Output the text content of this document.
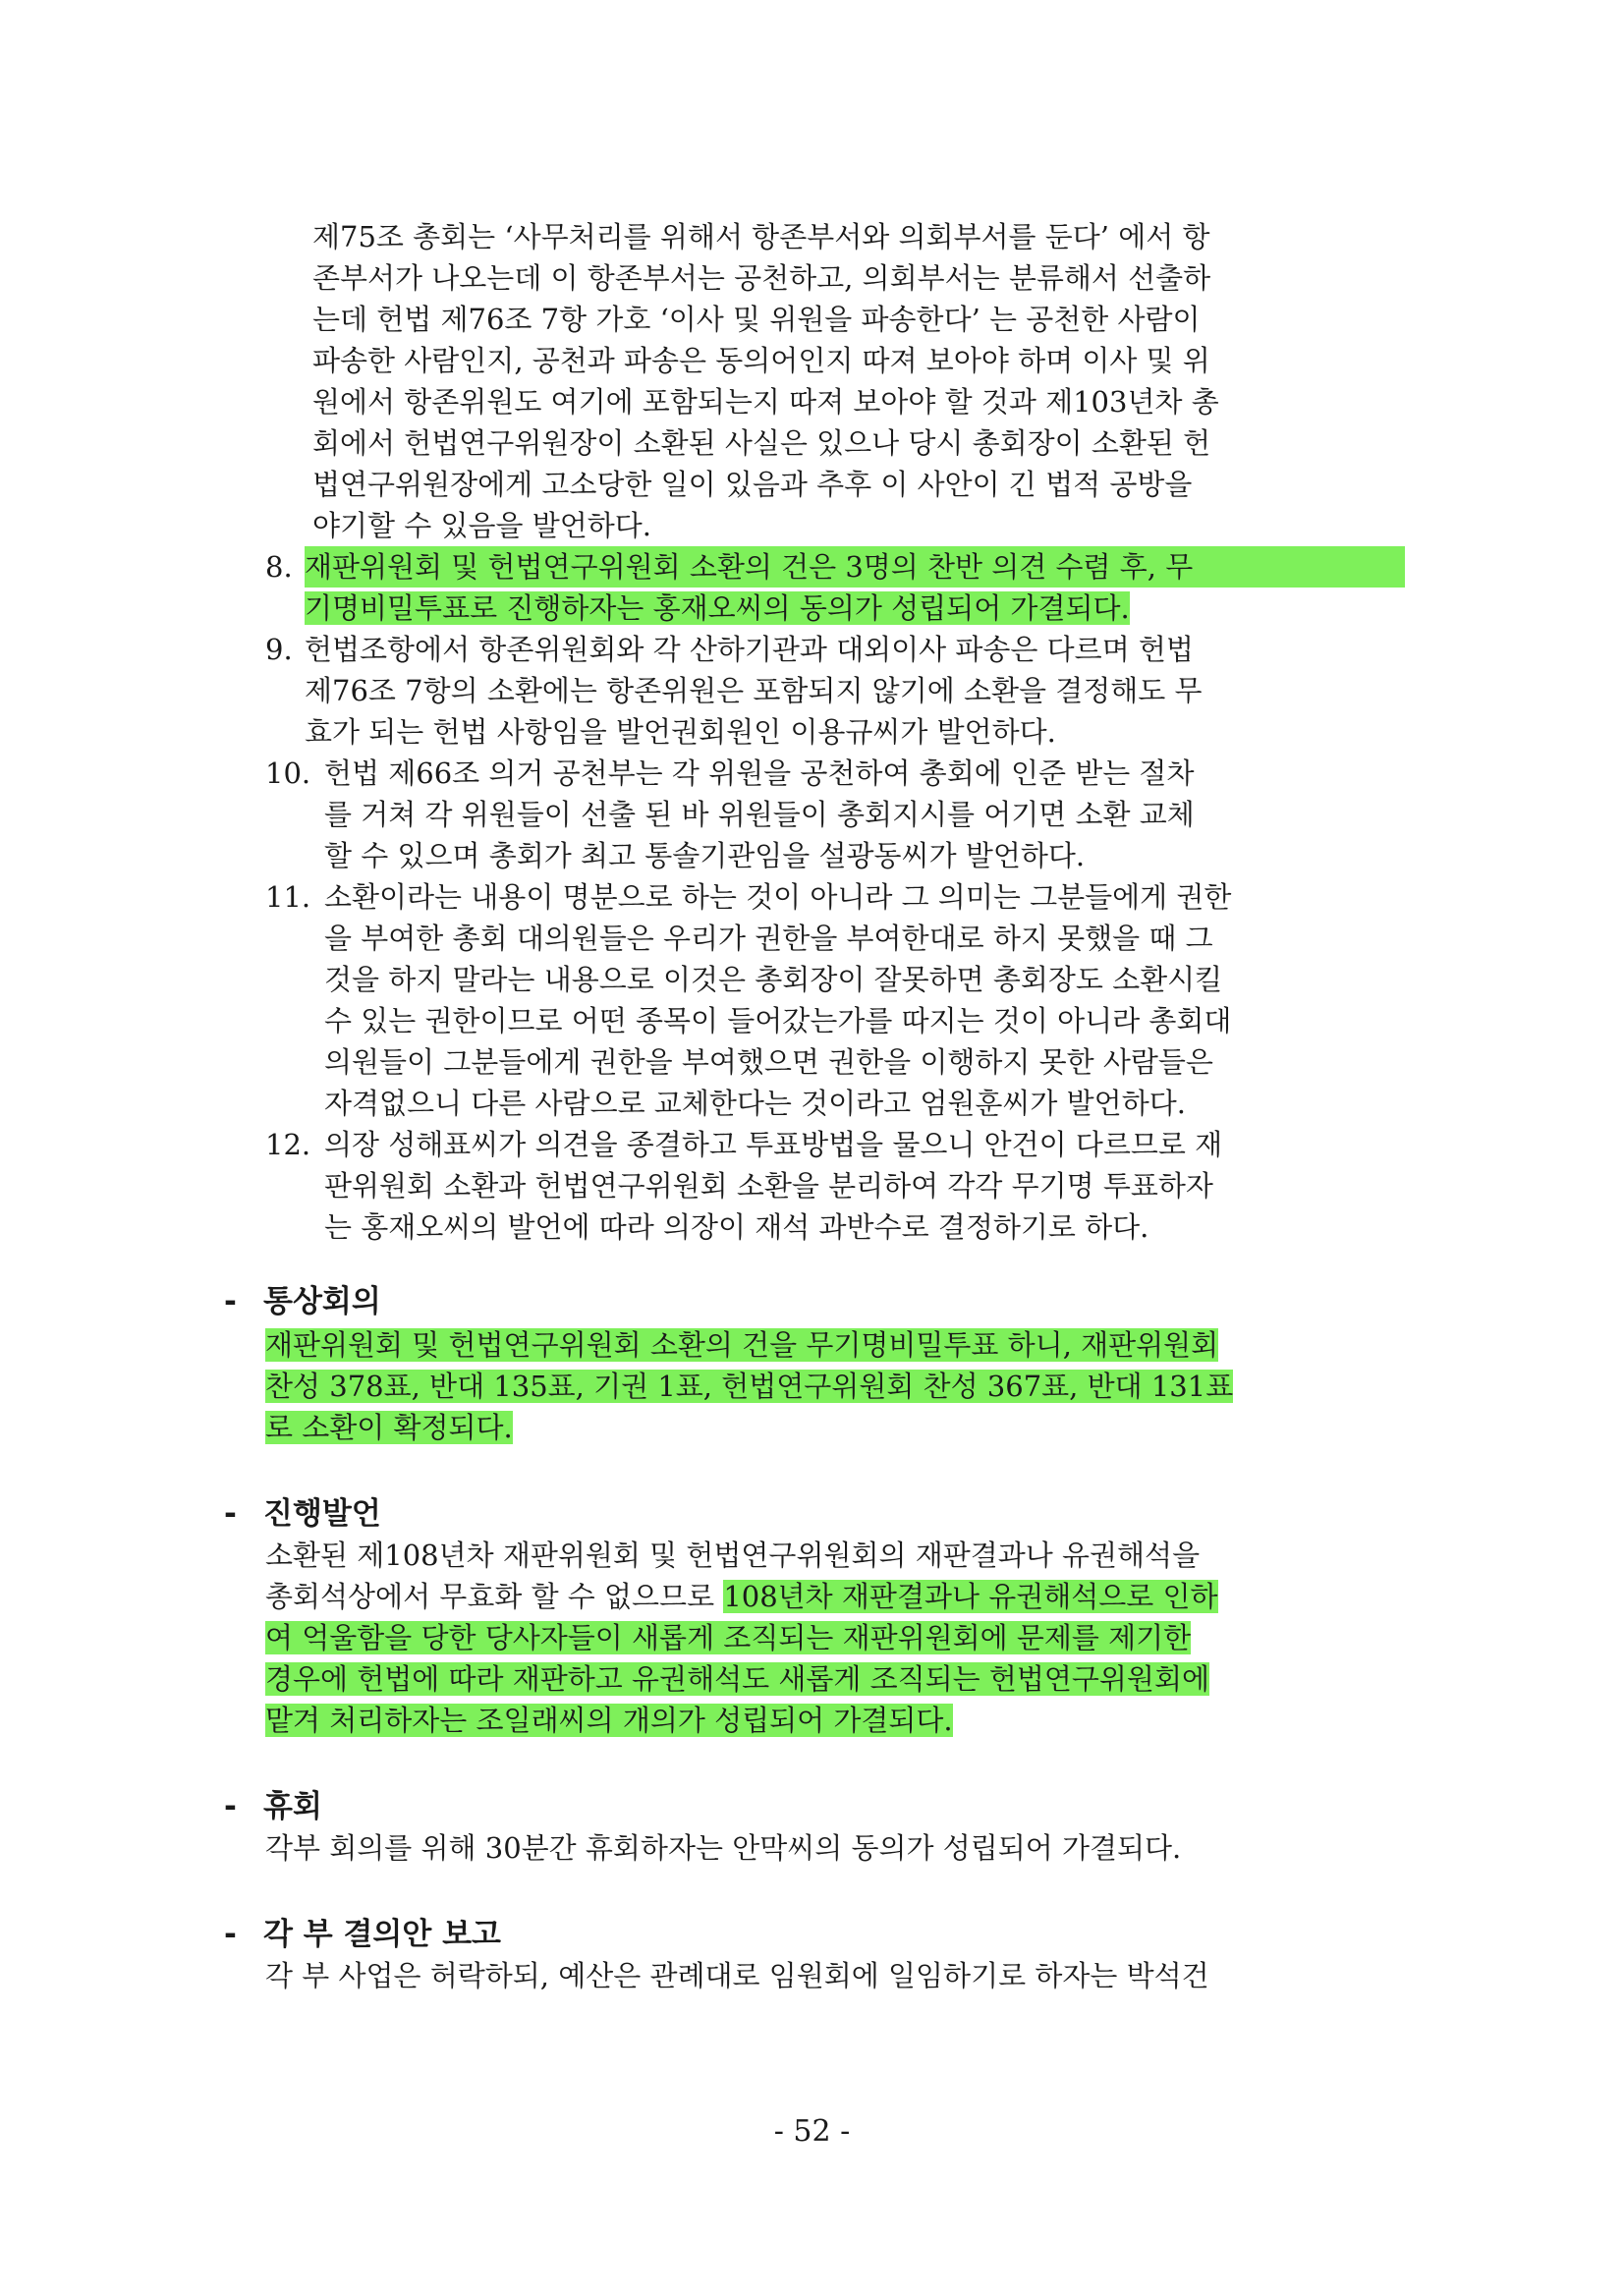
제75조 총회는 ‘사무처리를 위해서 항존부서와 의회부서를 둔다’ 에서 항
존부서가 나오는데 이 항존부서는 공천하고, 의회부서는 분류해서 선출하
는데 헌법 제76조 7항 가호 ‘이사 및 위원을 파송한다’ 는 공천한 사람이
파송한 사람인지, 공천과 파송은 동의어인지 따져 보아야 하며 이사 및 위
원에서 항존위원도 여기에 포함되는지 따져 보아야 할 것과 제103년차 총
회에서 헌법연구위원장이 소환된 사실은 있으나 당시 총회장이 소환된 헌
법연구위원장에게 고소당한 일이 있음과 추후 이 사안이 긴 법적 공방을
야기할 수 있음을 발언하다.
8. 재판위원회 및 헌법연구위원회 소환의 건은 3명의 찬반 의견 수렴 후, 무
기명비밀투표로 진행하자는 홍재오씨의 동의가 성립되어 가결되다.
9. 헌법조항에서 항존위원회와 각 산하기관과 대외이사 파송은 다르며 헌법
제76조 7항의 소환에는 항존위원은 포함되지 않기에 소환을 결정해도 무
효가 되는 헌법 사항임을 발언권회원인 이용규씨가 발언하다.
10. 헌법 제66조 의거 공천부는 각 위원을 공천하여 총회에 인준 받는 절차
를 거쳐 각 위원들이 선출 된 바 위원들이 총회지시를 어기면 소환 교체
할 수 있으며 총회가 최고 통솔기관임을 설광동씨가 발언하다.
11. 소환이라는 내용이 명분으로 하는 것이 아니라 그 의미는 그분들에게 권한
을 부여한 총회 대의원들은 우리가 권한을 부여한대로 하지 못했을 때 그
것을 하지 말라는 내용으로 이것은 총회장이 잘못하면 총회장도 소환시킬
수 있는 권한이므로 어떤 종목이 들어갔는가를 따지는 것이 아니라 총회대
의원들이 그분들에게 권한을 부여했으면 권한을 이행하지 못한 사람들은
자격없으니 다른 사람으로 교체한다는 것이라고 엄원훈씨가 발언하다.
12. 의장 성해표씨가 의견을 종결하고 투표방법을 물으니 안건이 다르므로 재
판위원회 소환과 헌법연구위원회 소환을 분리하여 각각 무기명 투표하자
는 홍재오씨의 발언에 따라 의장이 재석 과반수로 결정하기로 하다.
- 통상회의
재판위원회 및 헌법연구위원회 소환의 건을 무기명비밀투표 하니, 재판위원회
찬성 378표, 반대 135표, 기권 1표, 헌법연구위원회 찬성 367표, 반대 131표
로 소환이 확정되다.
- 진행발언
소환된 제108년차 재판위원회 및 헌법연구위원회의 재판결과나 유권해석을
총회석상에서 무효화 할 수 없으므로 108년차 재판결과나 유권해석으로 인하
여 억울함을 당한 당사자들이 새롭게 조직되는 재판위원회에 문제를 제기한
경우에 헌법에 따라 재판하고 유권해석도 새롭게 조직되는 헌법연구위원회에
맡겨 처리하자는 조일래씨의 개의가 성립되어 가결되다.
- 휴회
각부 회의를 위해 30분간 휴회하자는 안막씨의 동의가 성립되어 가결되다.
- 각 부 결의안 보고
각 부 사업은 허락하되, 예산은 관례대로 임원회에 일임하기로 하자는 박석건
- 52 -
